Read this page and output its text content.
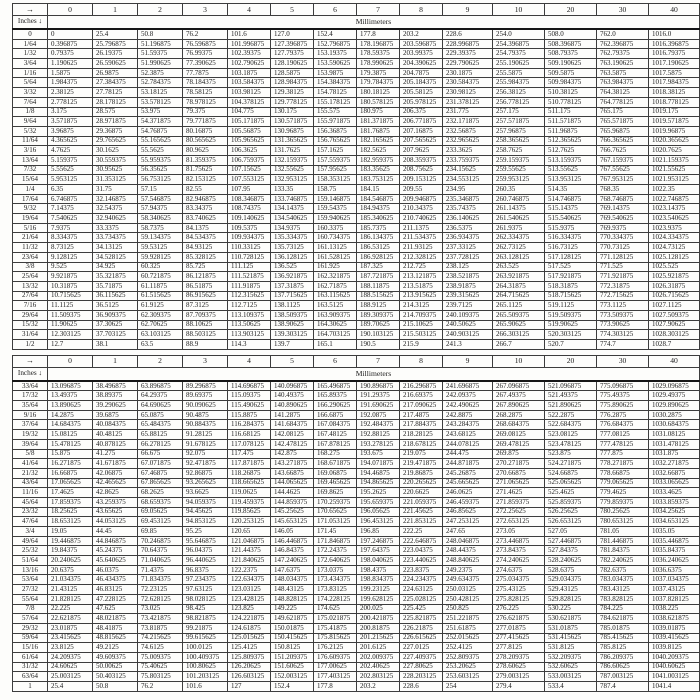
→	0	1	2	3	4	5	6	7	8	9	10	20	30	40
Inches ↓	Millimeters													
0	0	25.4	50.8	76.2	101.6	127.0	152.4	177.8	203.2	228.6	254.0	508.0	762.0	1016.0
1/64	0.396875	25.796875	51.196875	76.596875	101.996875	127.396875	152.796875	178.196875	203.596875	228.996875	254.396875	508.396875	762.396875	1016.396875
1/32	0.79375	26.19375	51.59375	76.99375	102.39375	127.79375	153.19375	178.59375	203.99375	229.39375	254.79375	508.79375	762.79375	1016.79375
3/64	1.190625	26.590625	51.990625	77.390625	102.790625	128.190625	153.590625	178.990625	204.390625	229.790625	255.190625	509.190625	763.190625	1017.190625
1/16	1.5875	26.9875	52.3875	77.7875	103.1875	128.5875	153.9875	179.3875	204.7875	230.1875	255.5875	509.5875	763.5875	1017.5875
5/64	1.984375	27.384375	52.784375	78.184375	103.584375	128.984375	154.384375	179.784375	205.184375	230.584375	255.984375	509.984375	763.984375	1017.984375
3/32	2.38125	27.78125	53.18125	78.58125	103.98125	129.38125	154.78125	180.18125	205.58125	230.98125	256.38125	510.38125	764.38125	1018.38125
7/64	2.778125	28.178125	53.578125	78.978125	104.378125	129.778125	155.178125	180.578125	205.978125	231.378125	256.778125	510.778125	764.778125	1018.778125
1/8	3.175	28.575	53.975	79.375	104.775	130.175	155.575	180.975	206.375	231.775	257.175	511.175	765.175	1019.175
9/64	3.571875	28.971875	54.371875	79.771875	105.171875	130.571875	155.971875	181.371875	206.771875	232.171875	257.571875	511.571875	765.571875	1019.571875
5/32	3.96875	29.36875	54.76875	80.16875	105.56875	130.96875	156.36875	181.76875	207.16875	232.56875	257.96875	511.96875	765.96875	1019.96875
11/64	4.365625	29.765625	55.165625	80.565625	105.965625	131.365625	156.765625	182.165625	207.565625	232.965625	258.365625	512.365625	766.365625	1020.365625
3/16	4.7625	30.1625	55.5625	80.9625	106.3625	131.7625	157.1625	182.5625	207.9625	233.3625	258.7625	512.7625	766.7625	1020.7625
13/64	5.159375	30.559375	55.959375	81.359375	106.759375	132.159375	157.559375	182.959375	208.359375	233.759375	259.159375	513.159375	767.159375	1021.159375
7/32	5.55625	30.95625	56.35625	81.75625	107.15625	132.55625	157.95625	183.35625	208.75625	234.15625	259.55625	513.55625	767.55625	1021.55625
15/64	5.953125	31.353125	56.753125	82.153125	107.553125	132.953125	158.353125	183.753125	209.153125	234.553125	259.953125	513.953125	767.953125	1021.953125
1/4	6.35	31.75	57.15	82.55	107.95	133.35	158.75	184.15	209.55	234.95	260.35	514.35	768.35	1022.35
17/64	6.746875	32.146875	57.546875	82.946875	108.346875	133.746875	159.146875	184.546875	209.946875	235.346875	260.746875	514.746875	768.746875	1022.746875
9/32	7.14375	32.54375	57.94375	83.34375	108.74375	134.14375	159.54375	184.94375	210.34375	235.74375	261.14375	515.14375	769.14375	1023.14375
19/64	7.540625	32.940625	58.340625	83.740625	109.140625	134.540625	159.940625	185.340625	210.740625	236.140625	261.540625	515.540625	769.540625	1023.540625
5/16	7.9375	33.3375	58.7375	84.1375	109.5375	134.9375	160.3375	185.7375	211.1375	236.5375	261.9375	515.9375	769.9375	1023.9375
21/64	8.334375	33.734375	59.134375	84.534375	109.934375	135.334375	160.734375	186.134375	211.534375	236.934375	262.334375	516.334375	770.334375	1024.334375
11/32	8.73125	34.13125	59.53125	84.93125	110.33125	135.73125	161.13125	186.53125	211.93125	237.33125	262.73125	516.73125	770.73125	1024.73125
23/64	9.128125	34.528125	59.928125	85.328125	110.728125	136.128125	161.528125	186.928125	212.328125	237.728125	263.128125	517.128125	771.128125	1025.128125
3/8	9.525	34.925	60.325	85.725	111.125	136.525	161.925	187.325	212.725	238.125	263.525	517.525	771.525	1025.525
25/64	9.921875	35.321875	60.721875	86.121875	111.521875	136.921875	162.321875	187.721875	213.121875	238.521875	263.921875	517.921875	771.921875	1025.921875
13/32	10.31875	35.71875	61.11875	86.51875	111.91875	137.31875	162.71875	188.11875	213.51875	238.91875	264.31875	518.31875	772.31875	1026.31875
27/64	10.715625	36.115625	61.515625	86.915625	112.315625	137.715625	163.115625	188.515625	213.915625	239.315625	264.715625	518.715625	772.715625	1026.715625
7/16	11.1125	36.5125	61.9125	87.3125	112.7125	138.1125	163.5125	188.9125	214.3125	239.7125	265.1125	519.1125	773.1125	1027.1125
29/64	11.509375	36.909375	62.309375	87.709375	113.109375	138.509375	163.909375	189.309375	214.709375	240.109375	265.509375	519.509375	773.509375	1027.509375
15/32	11.90625	37.30625	62.70625	88.10625	113.50625	138.90625	164.30625	189.70625	215.10625	240.50625	265.90625	519.90625	773.90625	1027.90625
31/64	12.303125	37.703125	63.103125	88.503125	113.903125	139.303125	164.703125	190.103125	215.503125	240.903125	266.303125	520.303125	774.303125	1028.303125
1/2	12.7	38.1	63.5	88.9	114.3	139.7	165.1	190.5	215.9	241.3	266.7	520.7	774.7	1028.7
→	0	1	2	3	4	5	6	7	8	9	10	20	30	40
Inches ↓	Millimeters													
33/64	13.096875	38.496875	63.896875	89.296875	114.696875	140.096875	165.496875	190.896875	216.296875	241.696875	267.096875	521.096875	775.096875	1029.096875
17/32	13.49375	38.89375	64.29375	89.69375	115.09375	140.49375	165.89375	191.29375	216.69375	242.09375	267.49375	521.49375	775.49375	1029.49375
35/64	13.890625	39.290625	64.690625	90.090625	115.490625	140.890625	166.290625	191.690625	217.090625	242.490625	267.890625	521.890625	775.890625	1029.890625
9/16	14.2875	39.6875	65.0875	90.4875	115.8875	141.2875	166.6875	192.0875	217.4875	242.8875	268.2875	522.2875	776.2875	1030.2875
37/64	14.684375	40.084375	65.484375	90.884375	116.284375	141.684375	167.084375	192.484375	217.884375	243.284375	268.684375	522.684375	776.684375	1030.684375
19/32	15.08125	40.48125	65.88125	91.28125	116.68125	142.08125	167.48125	192.88125	218.28125	243.68125	269.08125	523.08125	777.08125	1031.08125
39/64	15.478125	40.878125	66.278125	91.678125	117.078125	142.478125	167.878125	193.278125	218.678125	244.078125	269.478125	523.478125	777.478125	1031.478125
5/8	15.875	41.275	66.675	92.075	117.475	142.875	168.275	193.675	219.075	244.475	269.875	523.875	777.875	1031.875
41/64	16.271875	41.671875	67.071875	92.471875	117.871875	143.271875	168.671875	194.071875	219.471875	244.871875	270.271875	524.271875	778.271875	1032.271875
21/32	16.66875	42.06875	67.46875	92.86875	118.26875	143.66875	169.06875	194.46875	219.86875	245.26875	270.66875	524.66875	778.66875	1032.66875
43/64	17.065625	42.465625	67.865625	93.265625	118.665625	144.065625	169.465625	194.865625	220.265625	245.665625	271.065625	525.065625	779.065625	1033.065625
11/16	17.4625	42.8625	68.2625	93.6625	119.0625	144.4625	169.8625	195.2625	220.6625	246.0625	271.4625	525.4625	779.4625	1033.4625
45/64	17.859375	43.259375	68.659375	94.059375	119.459375	144.859375	170.259375	195.659375	221.059375	246.459375	271.859375	525.859375	779.859375	1033.859375
23/32	18.25625	43.65625	69.05625	94.45625	119.85625	145.25625	170.65625	196.05625	221.45625	246.85625	272.25625	526.25625	780.25625	1034.25625
47/64	18.653125	44.053125	69.453125	94.853125	120.253125	145.653125	171.053125	196.453125	221.853125	247.253125	272.653125	526.653125	780.653125	1034.653125
3/4	19.05	44.45	69.85	95.25	120.65	146.05	171.45	196.85	222.25	247.65	273.05	527.05	781.05	1035.05
49/64	19.446875	44.846875	70.246875	95.646875	121.046875	146.446875	171.846875	197.246875	222.646875	248.046875	273.446875	527.446875	781.446875	1035.446875
25/32	19.84375	45.24375	70.64375	96.04375	121.44375	146.84375	172.24375	197.64375	223.04375	248.44375	273.84375	527.84375	781.84375	1035.84375
51/64	20.240625	45.640625	71.040625	96.440625	121.840625	147.240625	172.640625	198.040625	223.440625	248.840625	274.240625	528.240625	782.240625	1036.240625
13/16	20.6375	46.0375	71.4375	96.8375	122.2375	147.6375	173.0375	198.4375	223.8375	249.2375	274.6375	528.6375	782.6375	1036.6375
53/64	21.034375	46.434375	71.834375	97.234375	122.634375	148.034375	173.434375	198.834375	224.234375	249.634375	275.034375	529.034375	783.034375	1037.034375
27/32	21.43125	46.83125	72.23125	97.63125	123.03125	148.43125	173.83125	199.23125	224.63125	250.03125	275.43125	529.43125	783.43125	1037.43125
55/64	21.828125	47.228125	72.628125	98.028125	123.428125	148.828125	174.228125	199.628125	225.028125	250.428125	275.828125	529.828125	783.828125	1037.828125
7/8	22.225	47.625	73.025	98.425	123.825	149.225	174.625	200.025	225.425	250.825	276.225	530.225	784.225	1038.225
57/64	22.621875	48.021875	73.421875	98.821875	124.221875	149.621875	175.021875	200.421875	225.821875	251.221875	276.621875	530.621875	784.621875	1038.621875
29/32	23.01875	48.41875	73.81875	99.21875	124.61875	150.01875	175.41875	200.81875	226.21875	251.61875	277.01875	531.01875	785.01875	1039.01875
59/64	23.415625	48.815625	74.215625	99.615625	125.015625	150.415625	175.815625	201.215625	226.615625	252.015625	277.415625	531.415625	785.415625	1039.415625
15/16	23.8125	49.2125	74.6125	100.0125	125.4125	150.8125	176.2125	201.6125	227.0125	252.4125	277.8125	531.8125	785.8125	1039.8125
61/64	24.209375	49.609375	75.009375	100.409375	125.809375	151.209375	176.609375	202.009375	227.409375	252.809375	278.209375	532.209375	786.209375	1040.209375
31/32	24.60625	50.00625	75.40625	100.80625	126.20625	151.60625	177.00625	202.40625	227.80625	253.20625	278.60625	532.60625	786.60625	1040.60625
63/64	25.003125	50.403125	75.803125	101.203125	126.603125	152.003125	177.403125	202.803125	228.203125	253.603125	279.003125	533.003125	787.003125	1041.003125
1	25.4	50.8	76.2	101.6	127	152.4	177.8	203.2	228.6	254	279.4	533.4	787.4	1041.4
